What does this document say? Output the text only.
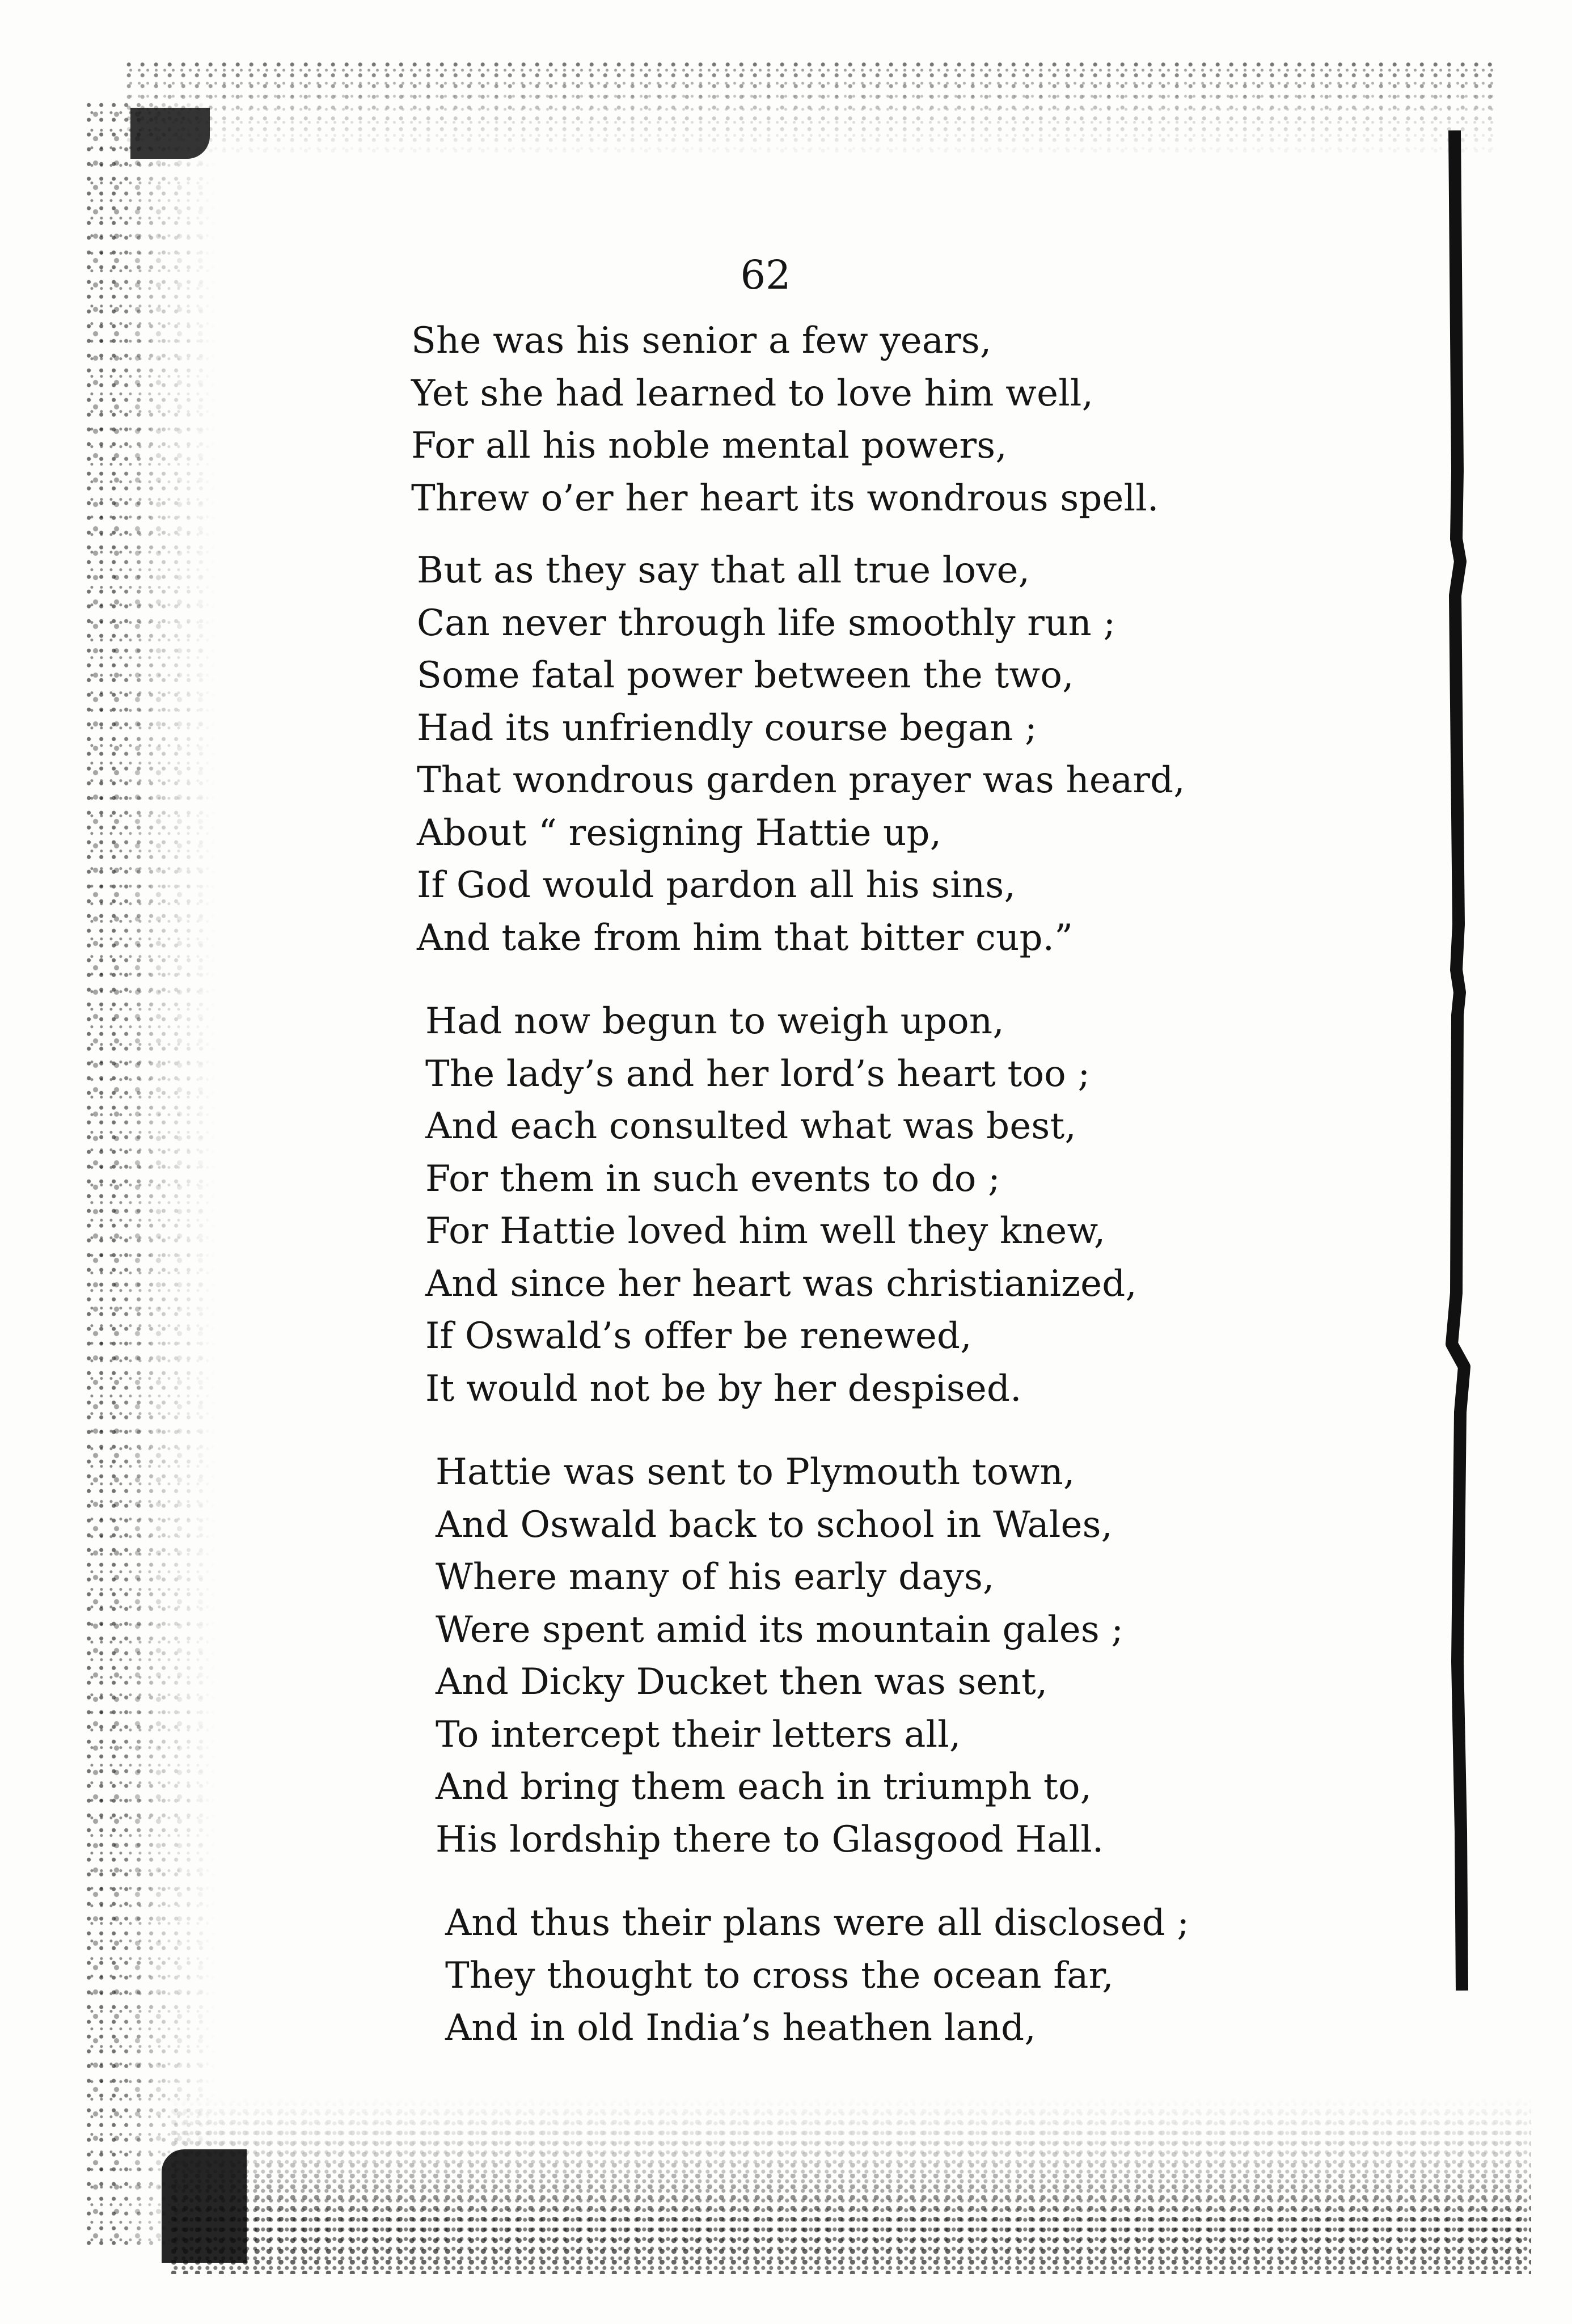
62
She was his senior a few years,
Yet she had learned to love him well,
For all his noble mental powers,
Threw o’er her heart its wondrous spell.
But as they say that all true love,
Can never through life smoothly run ;
Some fatal power between the two,
Had its unfriendly course began ;
That wondrous garden prayer was heard,
About “ resigning Hattie up,
If God would pardon all his sins,
And take from him that bitter cup.”
Had now begun to weigh upon,
The lady’s and her lord’s heart too ;
And each consulted what was best,
For them in such events to do ;
For Hattie loved him well they knew,
And since her heart was christianized,
If Oswald’s offer be renewed,
It would not be by her despised.
Hattie was sent to Plymouth town,
And Oswald back to school in Wales,
Where many of his early days,
Were spent amid its mountain gales ;
And Dicky Ducket then was sent,
To intercept their letters all,
And bring them each in triumph to,
His lordship there to Glasgood Hall.
And thus their plans were all disclosed ;
They thought to cross the ocean far,
And in old India’s heathen land,
